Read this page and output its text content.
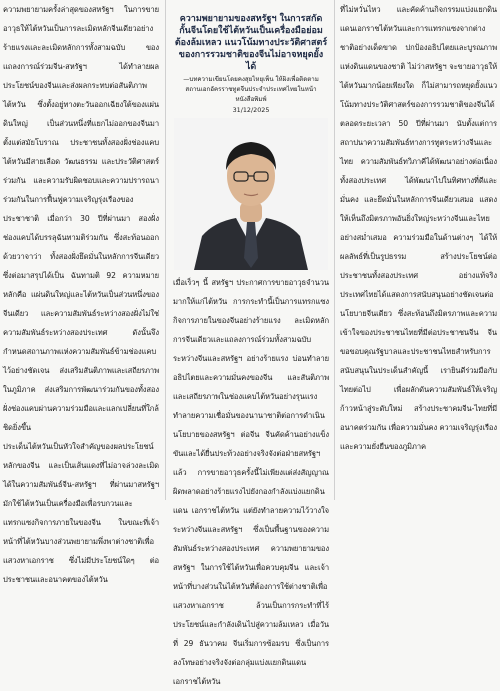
ความพยายามครั้งล่าสุดของสหรัฐฯ ในการขายอาวุธให้ไต้หวันเป็นการละเมิดหลักจีนเดียวอย่างร้ายแรงและละเมิดหลักการทั้งสามฉบับ ของแถลงการณ์ร่วมจีน-สหรัฐฯ ได้ทำลายผลประโยชน์ของจีนและส่งผลกระทบต่อสันติภาพ

ไต้หวัน ซึ่งตั้งอยู่ทางตะวันออกเฉียงใต้ของแผ่นดินใหญ่ เป็นส่วนหนึ่งที่แยกไม่ออกของจีนมาตั้งแต่สมัยโบราณ ประชาชนทั้งสองฝั่งช่องแคบไต้หวันมีสายเลือด วัฒนธรรม และประวัติศาสตร์ร่วมกัน และความรับผิดชอบและความปรารถนาร่วมกันในการฟื้นฟูความเจริญรุ่งเรืองของประชาชาติ เมื่อกว่า 30 ปีที่ผ่านมา สองฝั่งช่องแคบได้บรรลุฉันทามติร่วมกัน ซึ่งสะท้อนออกด้วยวาจาว่า ทั้งสองฝั่งยึดมั่นในหลักการจีนเดียว ซึ่งต่อมาสรุปได้เป็น ฉันทามติ 92 ความหมายหลักคือ แผ่นดินใหญ่และไต้หวันเป็นส่วนหนึ่งของจีนเดียว และความสัมพันธ์ระหว่างสองฝั่งไม่ใช่ความสัมพันธ์ระหว่างสองประเทศ ดังนั้นจึงกำหนดสถานภาพแห่งความสัมพันธ์ข้ามช่องแคบไว้อย่างชัดเจน ส่งเสริมสันติภาพและเสถียรภาพในภูมิภาค ส่งเสริมการพัฒนาร่วมกันของทั้งสองฝั่งช่องแคบผ่านความร่วมมือและแลกเปลี่ยนที่ใกล้ชิดยิ่งขึ้น

ประเด็นไต้หวันเป็นหัวใจสำคัญของผลประโยชน์หลักของจีน และเป็นเส้นแดงที่ไม่อาจล่วงละเมิดได้ในความสัมพันธ์จีน-สหรัฐฯ ที่ผ่านมาสหรัฐฯ มักใช้ไต้หวันเป็นเครื่องมือเพื่อรบกวนและแทรกแซงกิจการภายในของจีน ในขณะที่เจ้าหน้าที่ไต้หวันบางส่วนพยายามพึ่งพาต่างชาติเพื่อแสวงหาเอกราช ซึ่งไม่มีประโยชน์ใดๆ ต่อประชาชนและอนาคตของไต้หวัน

ความพยายามของสหรัฐฯ ในการสกัดกั้นจีนโดยใช้ไต้หวันเป็นเครื่องมือย่อมต้องล้มเหลว แนวโน้มทางประวัติศาสตร์ของการรวมชาติของจีนไม่อาจหยุดยั้งได้

—บทความเขียนโดยคงสุยไหยุเพ็น ให้ผิงเพื่อติดตามสถานเอกอัครราชทูตจีนประจำประเทศไทยในหน้าหนังสือพิมพ์

31/12/2025

เมื่อเร็วๆ นี้ สหรัฐฯ ประกาศการขายอาวุธจำนวนมากให้แก่ไต้หวัน การกระทำนี้เป็นการแทรกแซงกิจการภายในของจีนอย่างร้ายแรง ละเมิดหลักการจีนเดียวและแถลงการณ์ร่วมทั้งสามฉบับระหว่างจีนและสหรัฐฯ อย่างร้ายแรง บ่อนทำลายอธิปไตยและความมั่นคงของจีน และสันติภาพและเสถียรภาพในช่องแคบไต้หวันอย่างรุนแรง ทำลายความเชื่อมั่นของนานาชาติต่อการดำเนินนโยบายของสหรัฐฯ ต่อจีน จีนคัดค้านอย่างแข็งขันและได้ยื่นประท้วงอย่างจริงจังต่อฝ่ายสหรัฐฯ แล้ว การขายอาวุธครั้งนี้ไม่เพียงแต่ส่งสัญญาณผิดพลาดอย่างร้ายแรงไปยังกองกำลังแบ่งแยกดินแดน เอกราชไต้หวัน แต่ยังทำลายความไว้วางใจระหว่างจีนและสหรัฐฯ ซึ่งเป็นพื้นฐานของความสัมพันธ์ระหว่างสองประเทศ ความพยายามของสหรัฐฯ ในการใช้ไต้หวันเพื่อควบคุมจีน และเจ้าหน้าที่บางส่วนในไต้หวันที่ต้องการใช้ต่างชาติเพื่อแสวงหาเอกราช ล้วนเป็นการกระทำที่ไร้ประโยชน์และกำลังเดินไปสู่ความล้มเหลว เมื่อวันที่ 29 ธันวาคม จีนเริ่มการซ้อมรบ ซึ่งเป็นการลงโทษอย่างจริงจังต่อกลุ่มแบ่งแยกดินแดน เอกราชไต้หวัน

ที่ไม่หวั่นไหว และคัดค้านกิจกรรมแบ่งแยกดินแดนเอกราชไต้หวันและการแทรกแซงจากต่างชาติอย่างเด็ดขาด ปกป้องอธิปไตยและบูรณภาพแห่งดินแดนของชาติ ไม่ว่าสหรัฐฯ จะขายอาวุธให้ไต้หวันมากน้อยเพียงใด ก็ไม่สามารถหยุดยั้งแนวโน้มทางประวัติศาสตร์ของการรวมชาติของจีนได้

ตลอดระยะเวลา 50 ปีที่ผ่านมา นับตั้งแต่การสถาปนาความสัมพันธ์ทางการทูตระหว่างจีนและไทย ความสัมพันธ์ทวิภาคีได้พัฒนาอย่างต่อเนื่อง ทั้งสองประเทศ ได้พัฒนาไปในทิศทางที่ดีและมั่นคง และยึดมั่นในหลักการจีนเดียวเสมอ แสดงให้เห็นถึงมิตรภาพอันยิ่งใหญ่ระหว่างจีนและไทย อย่างสม่ำเสมอ ความร่วมมือในด้านต่างๆ ได้ให้ผลลัพธ์ที่เป็นรูปธรรม สร้างประโยชน์ต่อประชาชนทั้งสองประเทศ อย่างแท้จริง ประเทศไทยได้แสดงการสนับสนุนอย่างชัดเจนต่อนโยบายจีนเดียว ซึ่งสะท้อนถึงมิตรภาพและความเข้าใจของประชาชนไทยที่มีต่อประชาชนจีน จีนขอขอบคุณรัฐบาลและประชาชนไทยสำหรับการสนับสนุนในประเด็นสำคัญนี้ เรายินดีร่วมมือกับไทยต่อไป เพื่อผลักดันความสัมพันธ์ให้เจริญก้าวหน้าสู่ระดับใหม่ สร้างประชาคมจีน-ไทยที่มีอนาคตร่วมกัน เพื่อความมั่นคง ความเจริญรุ่งเรือง และความยั่งยืนของภูมิภาค
